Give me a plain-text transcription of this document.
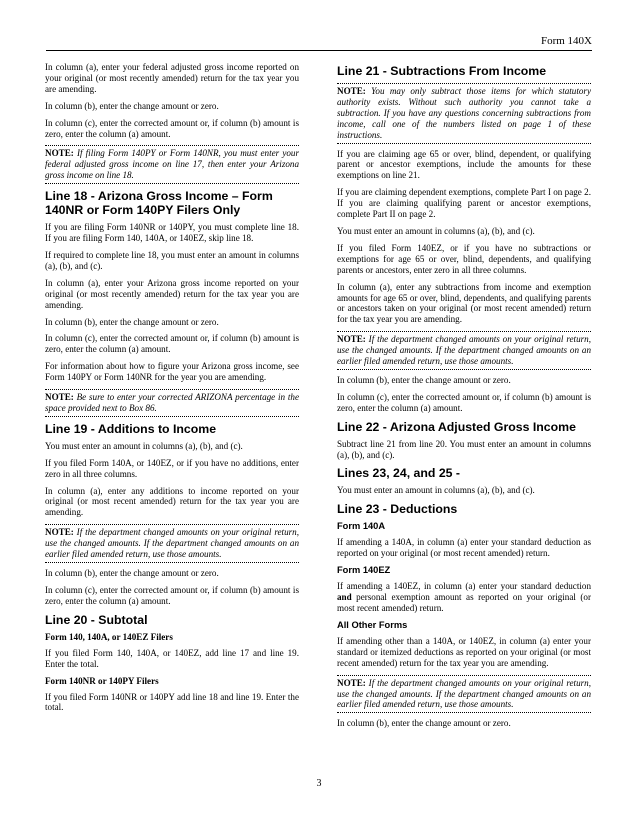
Form 140X

In column (a), enter your federal adjusted gross income reported on your original (or most recently amended) return for the tax year you are amending.

In column (b), enter the change amount or zero.

In column (c), enter the corrected amount or, if column (b) amount is zero, enter the column (a) amount.

NOTE: If filing Form 140PY or Form 140NR, you must enter your federal adjusted gross income on line 17, then enter your Arizona gross income on line 18.
Line 18 - Arizona Gross Income – Form 140NR or Form 140PY Filers Only

If you are filing Form 140NR or 140PY, you must complete line 18. If you are filing Form 140, 140A, or 140EZ, skip line 18.

If required to complete line 18, you must enter an amount in columns (a), (b), and (c).

In column (a), enter your Arizona gross income reported on your original (or most recently amended) return for the tax year you are amending.

In column (b), enter the change amount or zero.

In column (c), enter the corrected amount or, if column (b) amount is zero, enter the column (a) amount.

For information about how to figure your Arizona gross income, see Form 140PY or Form 140NR for the year you are amending.

NOTE: Be sure to enter your corrected ARIZONA percentage in the space provided next to Box 86.
Line 19 - Additions to Income

You must enter an amount in columns (a), (b), and (c).

If you filed Form 140A, or 140EZ, or if you have no additions, enter zero in all three columns.

In column (a), enter any additions to income reported on your original (or most recent amended) return for the tax year you are amending.

NOTE: If the department changed amounts on your original return, use the changed amounts. If the department changed amounts on an earlier filed amended return, use those amounts.

In column (b), enter the change amount or zero.

In column (c), enter the corrected amount or, if column (b) amount is zero, enter the column (a) amount.

Line 20 - Subtotal
Form 140, 140A, or 140EZ Filers

If you filed Form 140, 140A, or 140EZ, add line 17 and line 19. Enter the total.

Form 140NR or 140PY Filers

If you filed Form 140NR or 140PY add line 18 and line 19. Enter the total.

Line 21 - Subtractions From Income
NOTE: You may only subtract those items for which statutory authority exists. Without such authority you cannot take a subtraction. If you have any questions concerning subtractions from income, call one of the numbers listed on page 1 of these instructions.

If you are claiming age 65 or over, blind, dependent, or qualifying parent or ancestor exemptions, include the amounts for these exemptions on line 21.

If you are claiming dependent exemptions, complete Part I on page 2. If you are claiming qualifying parent or ancestor exemptions, complete Part II on page 2.

You must enter an amount in columns (a), (b), and (c).

If you filed Form 140EZ, or if you have no subtractions or exemptions for age 65 or over, blind, dependents, and qualifying parents or ancestors, enter zero in all three columns.

In column (a), enter any subtractions from income and exemption amounts for age 65 or over, blind, dependents, and qualifying parents or ancestors taken on your original (or most recent amended) return for the tax year you are amending.

NOTE: If the department changed amounts on your original return, use the changed amounts. If the department changed amounts on an earlier filed amended return, use those amounts.

In column (b), enter the change amount or zero.

In column (c), enter the corrected amount or, if column (b) amount is zero, enter the column (a) amount.

Line 22 - Arizona Adjusted Gross Income

Subtract line 21 from line 20. You must enter an amount in columns (a), (b), and (c).

Lines 23, 24, and 25 -

You must enter an amount in columns (a), (b), and (c).

Line 23 - Deductions
Form 140A

If amending a 140A, in column (a) enter your standard deduction as reported on your original (or most recent amended) return.

Form 140EZ

If amending a 140EZ, in column (a) enter your standard deduction and personal exemption amount as reported on your original (or most recent amended) return.

All Other Forms

If amending other than a 140A, or 140EZ, in column (a) enter your standard or itemized deductions as reported on your original (or most recent amended) return for the tax year you are amending.

NOTE: If the department changed amounts on your original return, use the changed amounts. If the department changed amounts on an earlier filed amended return, use those amounts.

In column (b), enter the change amount or zero.

3
